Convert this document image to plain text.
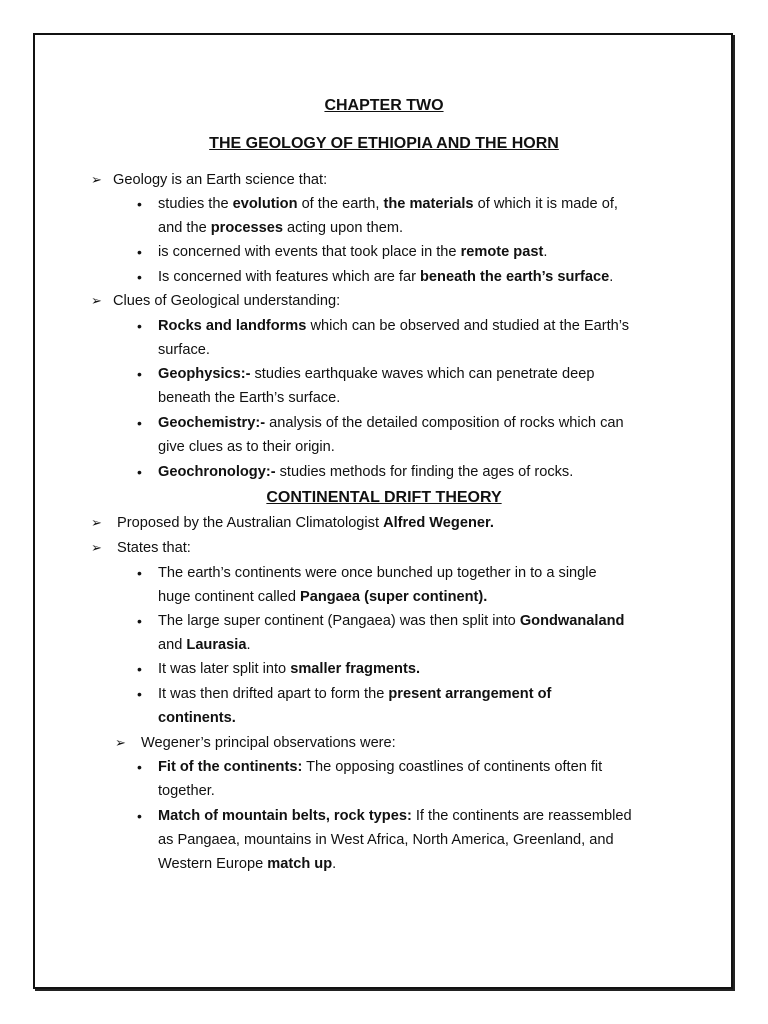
CHAPTER TWO
THE GEOLOGY OF ETHIOPIA AND THE HORN
➢ Geology is an Earth science that:
• studies the evolution of the earth, the materials of which it is made of,
and the processes acting upon them.
• is concerned with events that took place in the remote past.
• Is concerned with features which are far beneath the earth’s surface.
➢ Clues of Geological understanding:
• Rocks and landforms which can be observed and studied at the Earth’s
surface.
• Geophysics:- studies earthquake waves which can penetrate deep
beneath the Earth’s surface.
• Geochemistry:- analysis of the detailed composition of rocks which can
give clues as to their origin.
• Geochronology:- studies methods for finding the ages of rocks.
CONTINENTAL DRIFT THEORY
➢ Proposed by the Australian Climatologist Alfred Wegener.
➢ States that:
• The earth’s continents were once bunched up together in to a single
huge continent called Pangaea (super continent).
• The large super continent (Pangaea) was then split into Gondwanaland
and Laurasia.
• It was later split into smaller fragments.
• It was then drifted apart to form the present arrangement of
continents.
➢ Wegener’s principal observations were:
• Fit of the continents: The opposing coastlines of continents often fit
together.
• Match of mountain belts, rock types: If the continents are reassembled
as Pangaea, mountains in West Africa, North America, Greenland, and
Western Europe match up.
